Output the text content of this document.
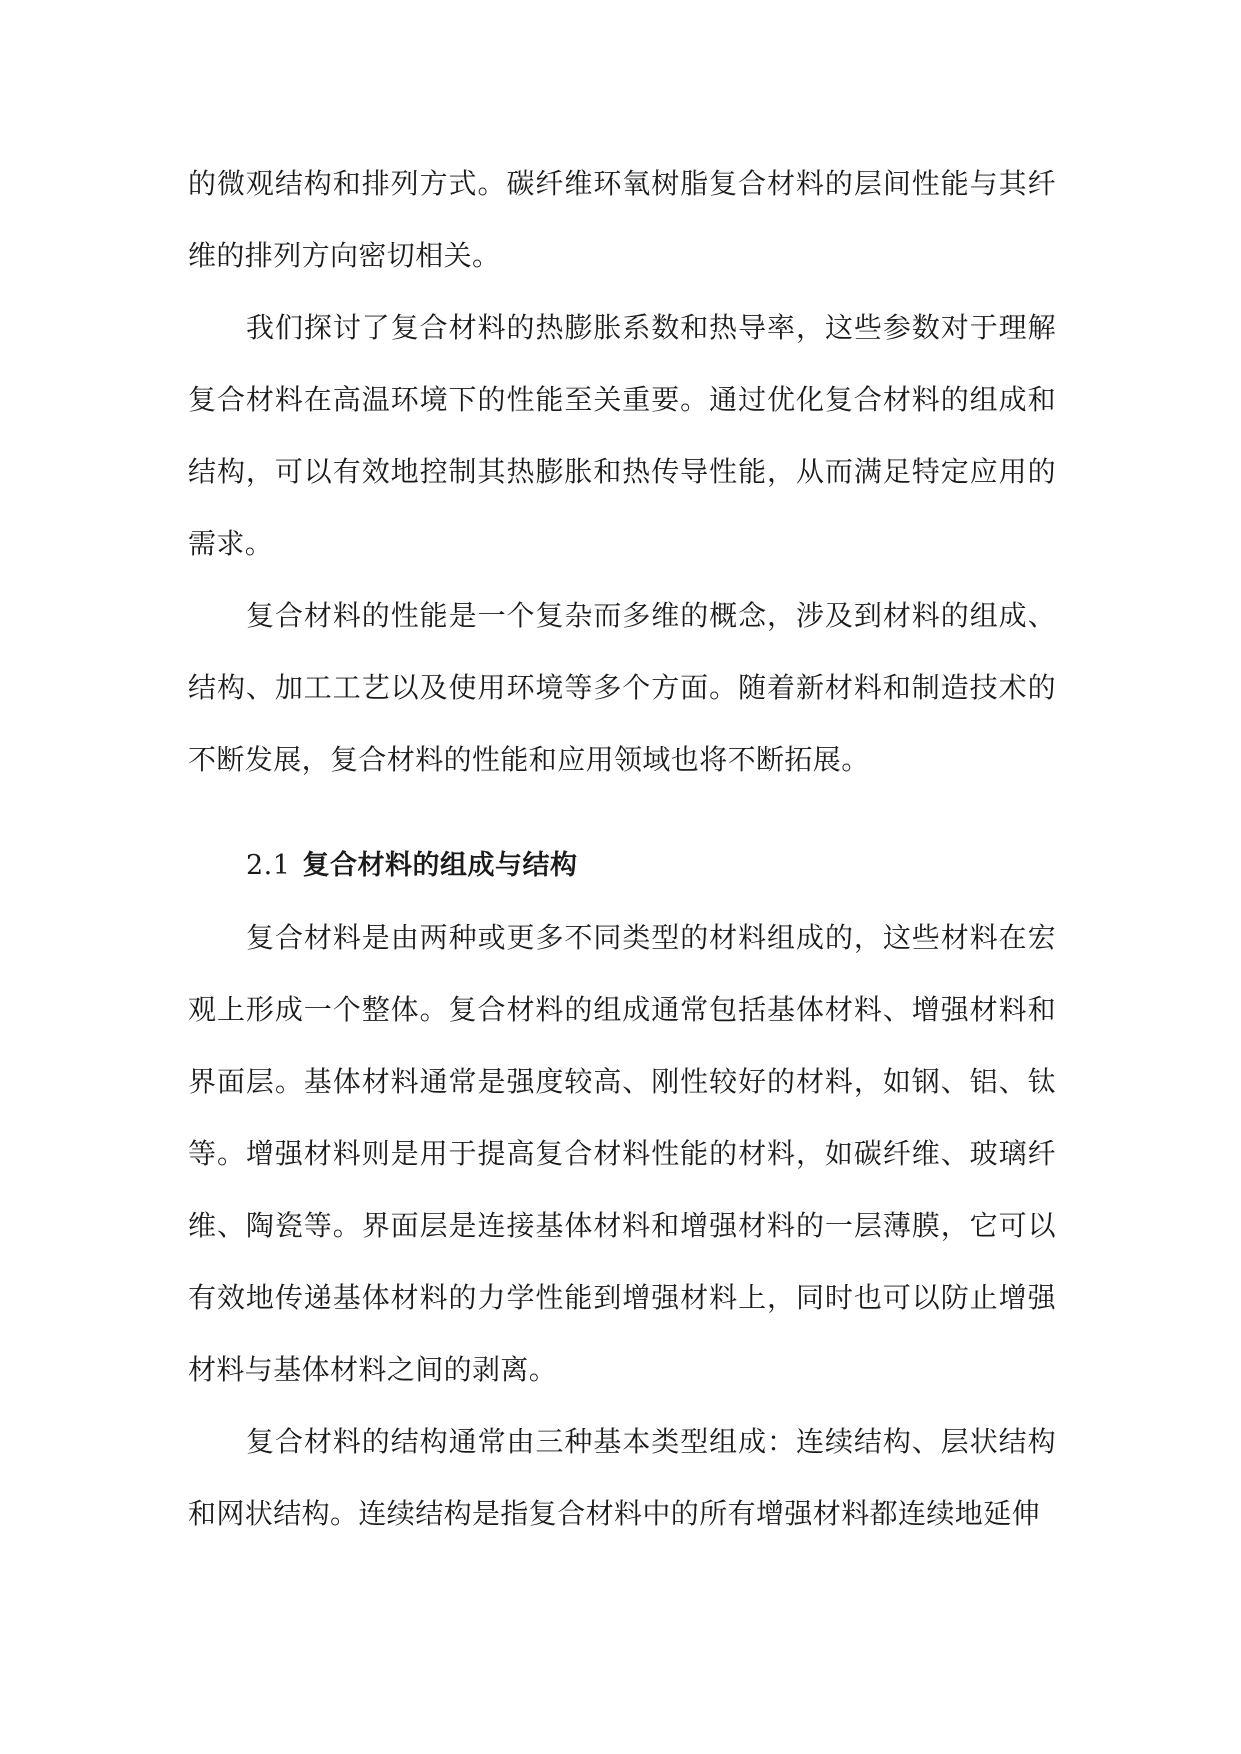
的微观结构和排列方式。碳纤维环氧树脂复合材料的层间性能与其纤维的排列方向密切相关。

我们探讨了复合材料的热膨胀系数和热导率，这些参数对于理解复合材料在高温环境下的性能至关重要。通过优化复合材料的组成和结构，可以有效地控制其热膨胀和热传导性能，从而满足特定应用的需求。

复合材料的性能是一个复杂而多维的概念，涉及到材料的组成、结构、加工工艺以及使用环境等多个方面。随着新材料和制造技术的不断发展，复合材料的性能和应用领域也将不断拓展。

2.1 复合材料的组成与结构

复合材料是由两种或更多不同类型的材料组成的，这些材料在宏观上形成一个整体。复合材料的组成通常包括基体材料、增强材料和界面层。基体材料通常是强度较高、刚性较好的材料，如钢、铝、钛等。增强材料则是用于提高复合材料性能的材料，如碳纤维、玻璃纤维、陶瓷等。界面层是连接基体材料和增强材料的一层薄膜，它可以有效地传递基体材料的力学性能到增强材料上，同时也可以防止增强材料与基体材料之间的剥离。

复合材料的结构通常由三种基本类型组成：连续结构、层状结构和网状结构。连续结构是指复合材料中的所有增强材料都连续地延伸
